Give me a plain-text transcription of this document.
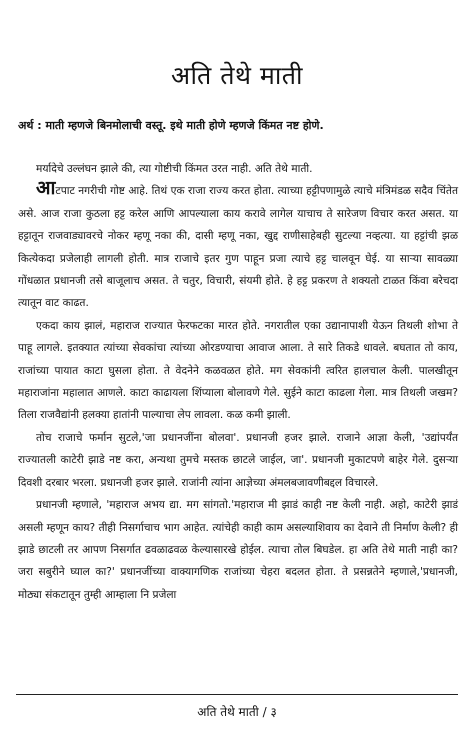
अति तेथे माती

अर्थ : माती म्हणजे बिनमोलाची वस्तू. इथे माती होणे म्हणजे किंमत नष्ट होणे.

मर्यादेचे उल्लंघन झाले की, त्या गोष्टीची किंमत उरत नाही. अति तेथे माती.

आटपाट नगरीची गोष्ट आहे. तिथं एक राजा राज्य करत होता. त्याच्या हट्टीपणामुळे त्याचे मंत्रिमंडळ सदैव चिंतेत असे. आज राजा कुठला हट्ट करेल आणि आपल्याला काय करावे लागेल याचाच ते सारेजण विचार करत असत. या हट्टातून राजवाड्यावरचे नोकर म्हणू नका की, दासी म्हणू नका, खुद्द राणीसाहेबही सुटल्या नव्हत्या. या हट्टांची झळ कित्येकदा प्रजेलाही लागली होती. मात्र राजाचे इतर गुण पाहून प्रजा त्याचे हट्ट चालवून घेई. या साऱ्या सावळ्या गोंधळात प्रधानजी तसे बाजूलाच असत. ते चतुर, विचारी, संयमी होते. हे हट्ट प्रकरण ते शक्यतो टाळत किंवा बरेचदा त्यातून वाट काढत.

एकदा काय झालं, महाराज राज्यात फेरफटका मारत होते. नगरातील एका उद्यानापाशी येऊन तिथली शोभा ते पाहू लागले. इतक्यात त्यांच्या सेवकांचा त्यांच्या ओरडण्याचा आवाज आला. ते सारे तिकडे धावले. बघतात तो काय, राजांच्या पायात काटा घुसला होता. ते वेदनेने कळवळत होते. मग सेवकांनी त्वरित हालचाल केली. पालखीतून महाराजांना महालात आणले. काटा काढायला शिंप्याला बोलावणे गेले. सुईने काटा काढला गेला. मात्र तिथली जखम? तिला राजवैद्यांनी हलक्या हातांनी पाल्याचा लेप लावला. कळ कमी झाली.

तोच राजाचे फर्मान सुटले,'जा प्रधानजींना बोलवा'. प्रधानजी हजर झाले. राजाने आज्ञा केली, 'उद्यांपर्यंत राज्यातली काटेरी झाडे नष्ट करा, अन्यथा तुमचे मस्तक छाटले जाईल, जा'. प्रधानजी मुकाटपणे बाहेर गेले. दुसऱ्या दिवशी दरबार भरला. प्रधानजी हजर झाले. राजांनी त्यांना आज्ञेच्या अंमलबजावणीबद्दल विचारले.

प्रधानजी म्हणाले, 'महाराज अभय द्या. मग सांगतो.'महाराज मी झाडं काही नष्ट केली नाही. अहो, काटेरी झाडं असली म्हणून काय? तीही निसर्गाचाच भाग आहेत. त्यांचेही काही काम असल्याशिवाय का देवाने ती निर्माण केली? ही झाडे छाटली तर आपण निसर्गात ढवळाढवळ केल्यासारखे होईल. त्याचा तोल बिघडेल. हा अति तेथे माती नाही का? जरा सबुरीने घ्याल का?' प्रधानजींच्या वाक्यागणिक राजांच्या चेहरा बदलत होता. ते प्रसन्नतेने म्हणाले,'प्रधानजी, मोठ्या संकटातून तुम्ही आम्हाला नि प्रजेला

अति तेथे माती / ३
